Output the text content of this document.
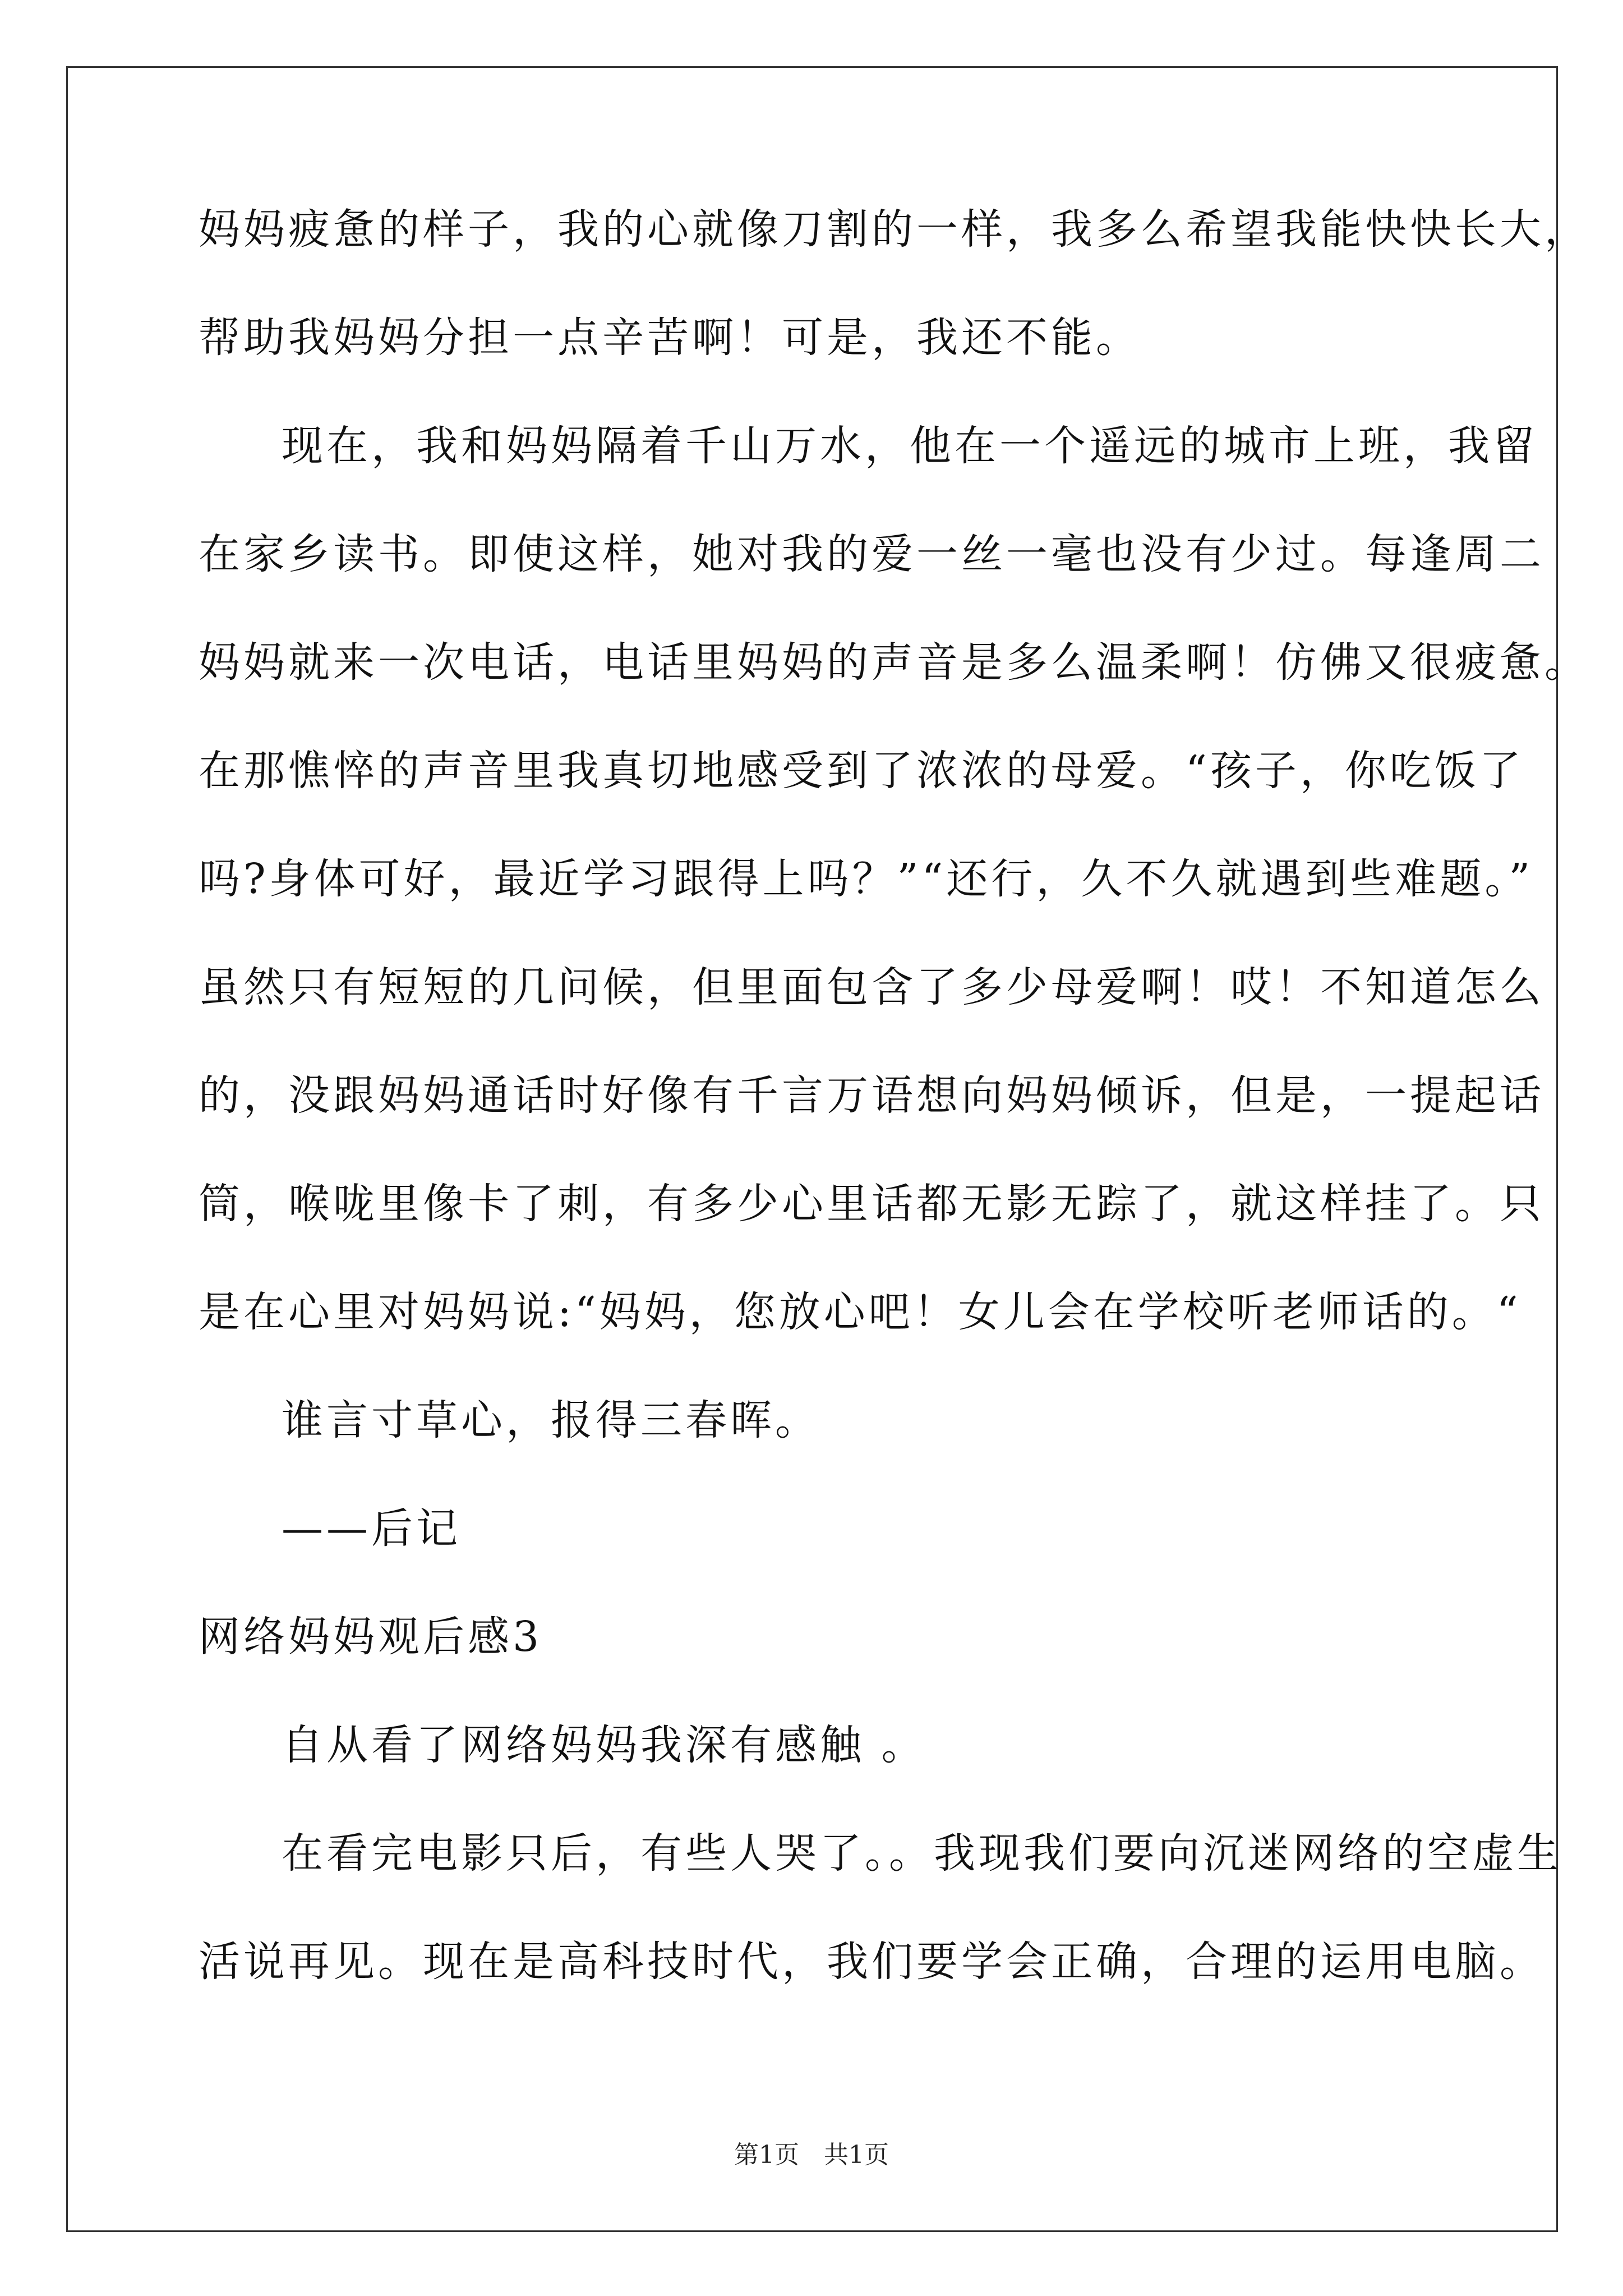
妈妈疲惫的样子，我的心就像刀割的一样，我多么希望我能快快长大，
帮助我妈妈分担一点辛苦啊！可是，我还不能。
现在，我和妈妈隔着千山万水，他在一个遥远的城市上班，我留
在家乡读书。即使这样，她对我的爱一丝一毫也没有少过。每逢周二
妈妈就来一次电话，电话里妈妈的声音是多么温柔啊！仿佛又很疲惫。
在那憔悴的声音里我真切地感受到了浓浓的母爱。“孩子，你吃饭了
吗?身体可好，最近学习跟得上吗？”“还行，久不久就遇到些难题。”
虽然只有短短的几问候，但里面包含了多少母爱啊！哎！不知道怎么
的，没跟妈妈通话时好像有千言万语想向妈妈倾诉，但是，一提起话
筒，喉咙里像卡了刺，有多少心里话都无影无踪了，就这样挂了。只
是在心里对妈妈说:“妈妈，您放心吧！女儿会在学校听老师话的。“
谁言寸草心，报得三春晖。
——后记
网络妈妈观后感3
自从看了网络妈妈我深有感触 。
在看完电影只后，有些人哭了。。我现我们要向沉迷网络的空虚生
活说再见。现在是高科技时代，我们要学会正确，合理的运用电脑。
第1页　共1页
